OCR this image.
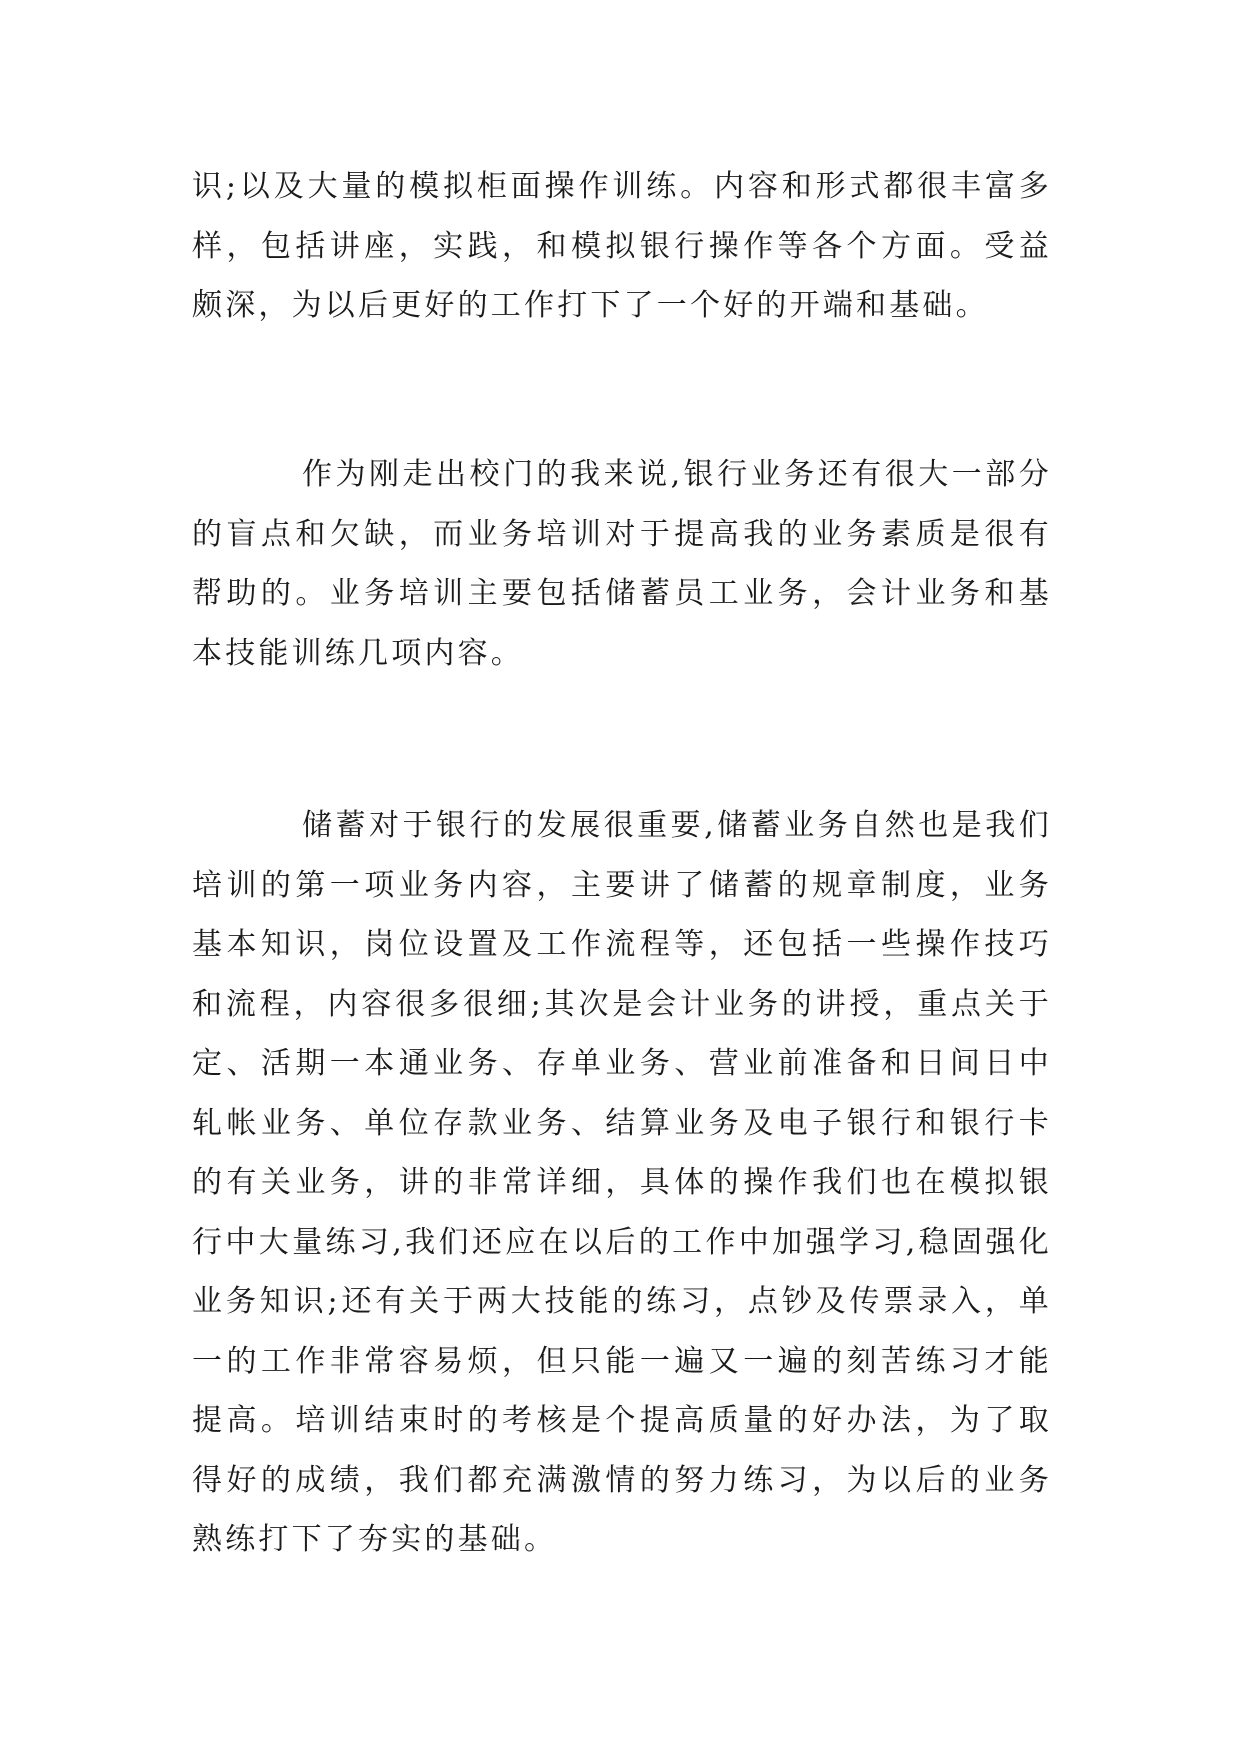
识;以及大量的模拟柜面操作训练。内容和形式都很丰富多样，包括讲座，实践，和模拟银行操作等各个方面。受益颇深，为以后更好的工作打下了一个好的开端和基础。

作为刚走出校门的我来说,银行业务还有很大一部分的盲点和欠缺，而业务培训对于提高我的业务素质是很有帮助的。业务培训主要包括储蓄员工业务，会计业务和基本技能训练几项内容。

储蓄对于银行的发展很重要,储蓄业务自然也是我们培训的第一项业务内容，主要讲了储蓄的规章制度，业务基本知识，岗位设置及工作流程等，还包括一些操作技巧和流程，内容很多很细;其次是会计业务的讲授，重点关于定、活期一本通业务、存单业务、营业前准备和日间日中轧帐业务、单位存款业务、结算业务及电子银行和银行卡的有关业务，讲的非常详细，具体的操作我们也在模拟银行中大量练习,我们还应在以后的工作中加强学习,稳固强化业务知识;还有关于两大技能的练习，点钞及传票录入，单一的工作非常容易烦，但只能一遍又一遍的刻苦练习才能提高。培训结束时的考核是个提高质量的好办法，为了取得好的成绩，我们都充满激情的努力练习，为以后的业务熟练打下了夯实的基础。
